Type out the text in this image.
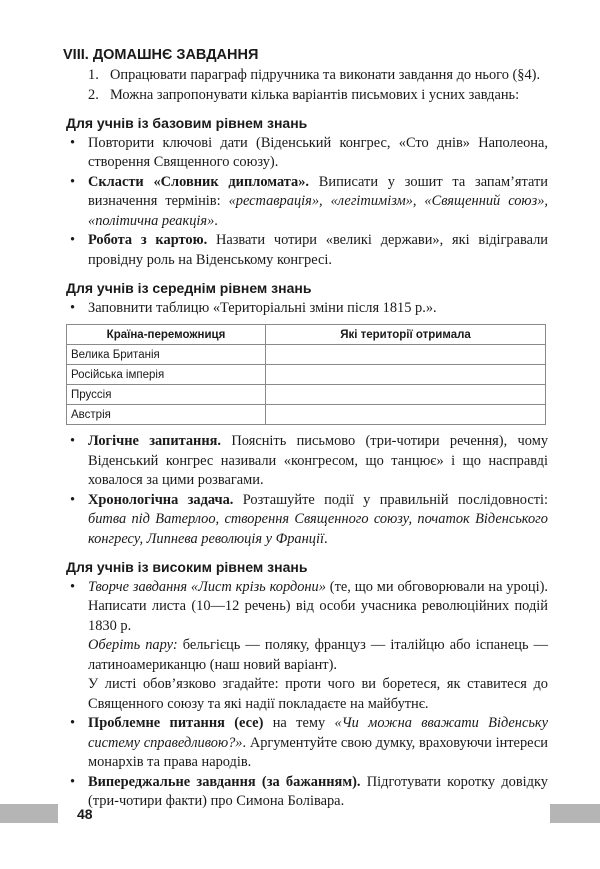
VIII. ДОМАШНЄ ЗАВДАННЯ
1. Опрацювати параграф підручника та виконати завдання до нього (§4).
2. Можна запропонувати кілька варіантів письмових і усних завдань:
Для учнів із базовим рівнем знань
• Повторити ключові дати (Віденський конгрес, «Сто днів» Наполеона, створення Священного союзу).
• Скласти «Словник дипломата». Виписати у зошит та запам’ятати визначення термінів: «реставрація», «легітимізм», «Священний союз», «політична реакція».
• Робота з картою. Назвати чотири «великі держави», які відігравали провідну роль на Віденському конгресі.
Для учнів із середнім рівнем знань
• Заповнити таблицю «Територіальні зміни після 1815 р.».
Країна-переможниця	Які території отримала
Велика Британія	
Російська імперія	
Пруссія	
Австрія	
• Логічне запитання. Поясніть письмово (три-чотири речення), чому Віденський конгрес називали «конгресом, що танцює» і що насправді ховалося за цими розвагами.
• Хронологічна задача. Розташуйте події у правильній послідовності: битва під Ватерлоо, створення Священного союзу, початок Віденського конгресу, Липнева революція у Франції.
Для учнів із високим рівнем знань
• Творче завдання «Лист крізь кордони» (те, що ми обговорювали на уроці). Написати листа (10—12 речень) від особи учасника революційних подій 1830 р.
Оберіть пару: бельгієць — поляку, француз — італійцю або іспанець — латиноамериканцю (наш новий варіант).
У листі обов’язково згадайте: проти чого ви боретеся, як ставитеся до Священного союзу та які надії покладаєте на майбутнє.
• Проблемне питання (есе) на тему «Чи можна вважати Віденську систему справедливою?». Аргументуйте свою думку, враховуючи інтереси монархів та права народів.
• Випереджальне завдання (за бажанням). Підготувати коротку довідку (три-чотири факти) про Симона Болівара.
48
